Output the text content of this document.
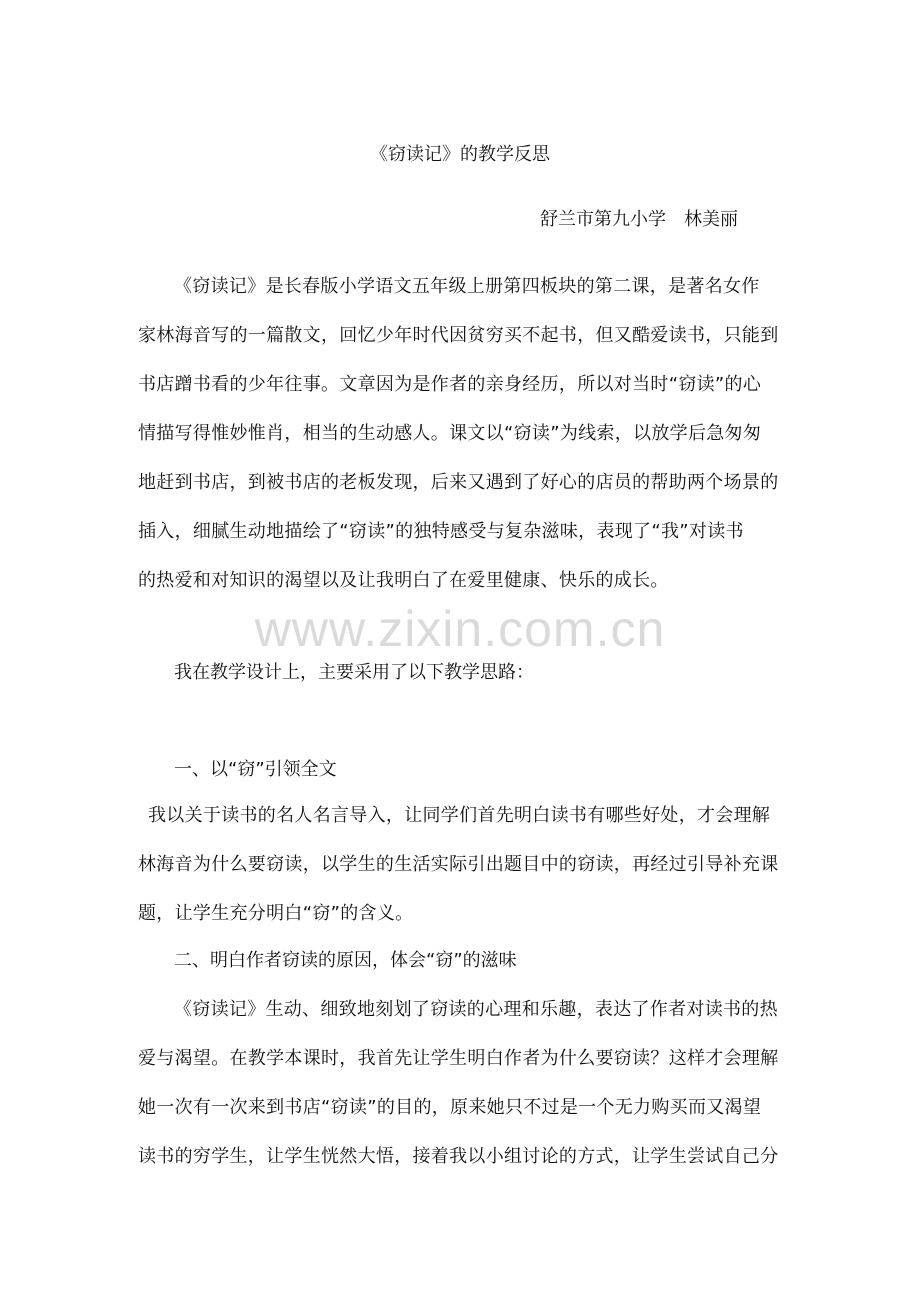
《窃读记》的教学反思
舒兰市第九小学　林美丽
《窃读记》是长春版小学语文五年级上册第四板块的第二课，是著名女作
家林海音写的一篇散文，回忆少年时代因贫穷买不起书，但又酷爱读书，只能到
书店蹭书看的少年往事。文章因为是作者的亲身经历，所以对当时“窃读”的心
情描写得惟妙惟肖，相当的生动感人。课文以“窃读”为线索，以放学后急匆匆
地赶到书店，到被书店的老板发现，后来又遇到了好心的店员的帮助两个场景的
插入，细腻生动地描绘了“窃读”的独特感受与复杂滋味，表现了“我”对读书
的热爱和对知识的渴望以及让我明白了在爱里健康、快乐的成长。
www.zixin.com.cn
我在教学设计上，主要采用了以下教学思路：
一、以“窃”引领全文
我以关于读书的名人名言导入，让同学们首先明白读书有哪些好处，才会理解
林海音为什么要窃读，以学生的生活实际引出题目中的窃读，再经过引导补充课
题，让学生充分明白“窃”的含义。
二、明白作者窃读的原因，体会“窃”的滋味
《窃读记》生动、细致地刻划了窃读的心理和乐趣，表达了作者对读书的热
爱与渴望。在教学本课时，我首先让学生明白作者为什么要窃读？这样才会理解
她一次有一次来到书店“窃读”的目的，原来她只不过是一个无力购买而又渴望
读书的穷学生，让学生恍然大悟，接着我以小组讨论的方式，让学生尝试自己分
